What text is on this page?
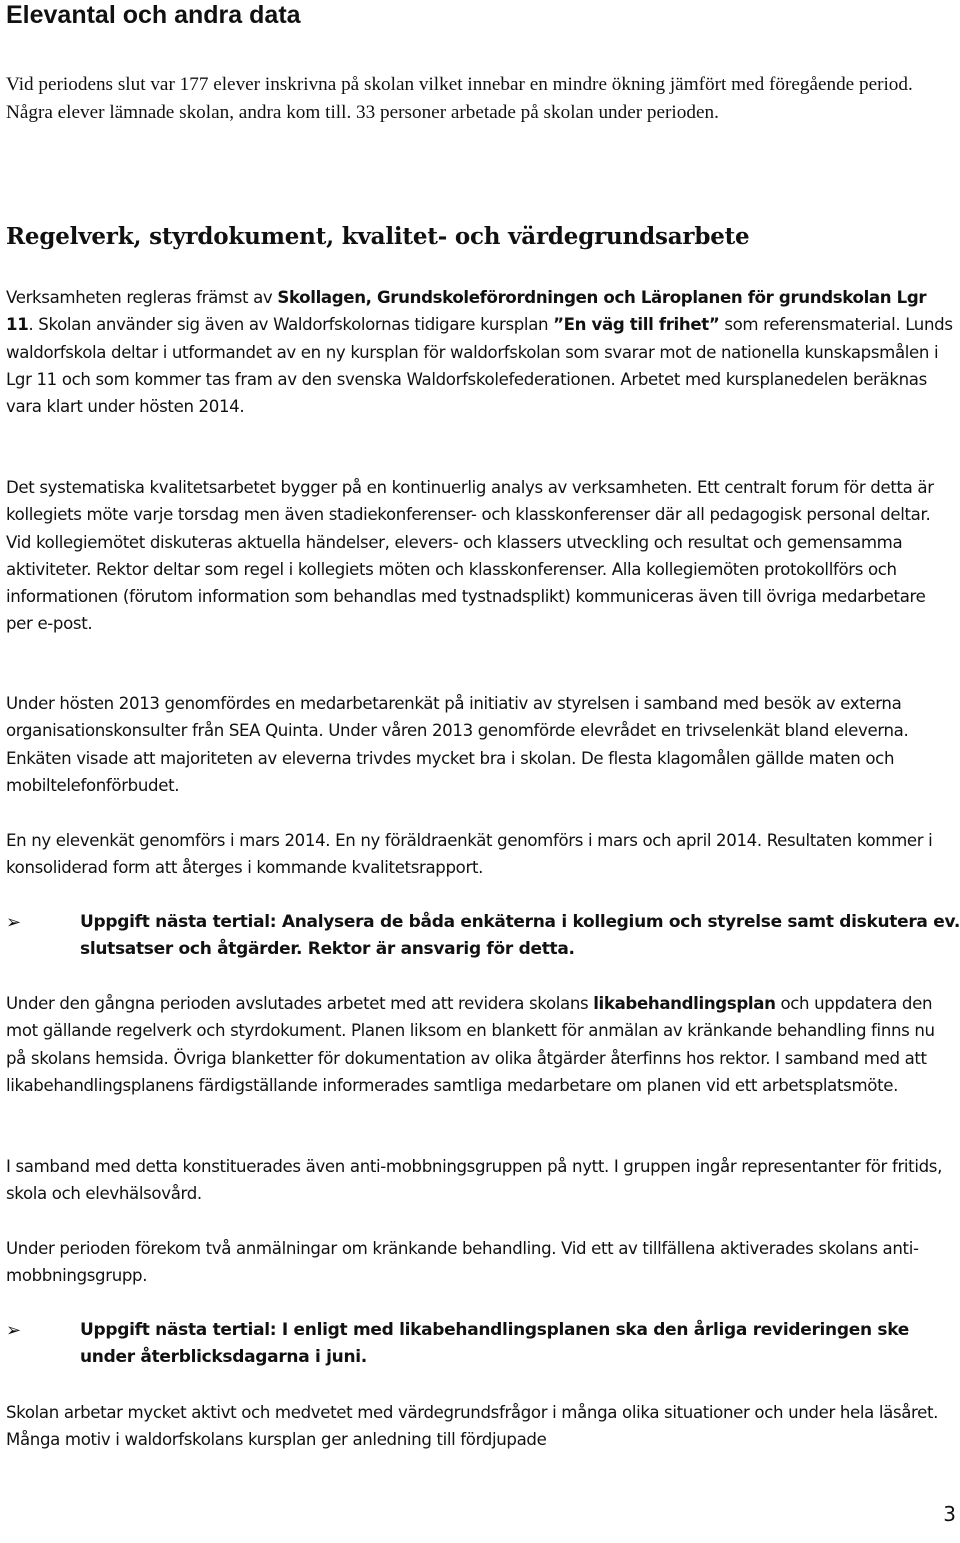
Elevantal och andra data

Vid periodens slut var 177 elever inskrivna på skolan vilket innebar en mindre ökning jämfört med föregående period. Några elever lämnade skolan, andra kom till. 33 personer arbetade på skolan under perioden.

Regelverk, styrdokument, kvalitet- och värdegrundsarbete

Verksamheten regleras främst av Skollagen, Grundskoleförordningen och Läroplanen för grundskolan Lgr 11. Skolan använder sig även av Waldorfskolornas tidigare kursplan ”En väg till frihet” som referensmaterial. Lunds waldorfskola deltar i utformandet av en ny kursplan för waldorfskolan som svarar mot de nationella kunskapsmålen i Lgr 11 och som kommer tas fram av den svenska Waldorfskolefederationen. Arbetet med kursplanedelen beräknas vara klart under hösten 2014.

Det systematiska kvalitetsarbetet bygger på en kontinuerlig analys av verksamheten. Ett centralt forum för detta är kollegiets möte varje torsdag men även stadiekonferenser- och klasskonferenser där all pedagogisk personal deltar. Vid kollegiemötet diskuteras aktuella händelser, elevers- och klassers utveckling och resultat och gemensamma aktiviteter. Rektor deltar som regel i kollegiets möten och klasskonferenser. Alla kollegiemöten protokollförs och informationen (förutom information som behandlas med tystnadsplikt) kommuniceras även till övriga medarbetare per e-post.

Under hösten 2013 genomfördes en medarbetarenkät på initiativ av styrelsen i samband med besök av externa organisationskonsulter från SEA Quinta. Under våren 2013 genomförde elevrådet en trivselenkät bland eleverna. Enkäten visade att majoriteten av eleverna trivdes mycket bra i skolan. De flesta klagomålen gällde maten och mobiltelefonförbudet.

En ny elevenkät genomförs i mars 2014. En ny föräldraenkät genomförs i mars och april 2014. Resultaten kommer i konsoliderad form att återges i kommande kvalitetsrapport.

➢	Uppgift nästa tertial: Analysera de båda enkäterna i kollegium och styrelse samt diskutera ev. slutsatser och åtgärder. Rektor är ansvarig för detta.

Under den gångna perioden avslutades arbetet med att revidera skolans likabehandlingsplan och uppdatera den mot gällande regelverk och styrdokument. Planen liksom en blankett för anmälan av kränkande behandling finns nu på skolans hemsida. Övriga blanketter för dokumentation av olika åtgärder återfinns hos rektor. I samband med att likabehandlingsplanens färdigställande informerades samtliga medarbetare om planen vid ett arbetsplatsmöte.

I samband med detta konstituerades även anti-mobbningsgruppen på nytt. I gruppen ingår representanter för fritids, skola och elevhälsovård.

Under perioden förekom två anmälningar om kränkande behandling. Vid ett av tillfällena aktiverades skolans anti-mobbningsgrupp.

➢	Uppgift nästa tertial: I enligt med likabehandlingsplanen ska den årliga revideringen ske under återblicksdagarna i juni.

Skolan arbetar mycket aktivt och medvetet med värdegrundsfrågor i många olika situationer och under hela läsåret. Många motiv i waldorfskolans kursplan ger anledning till fördjupade

3
